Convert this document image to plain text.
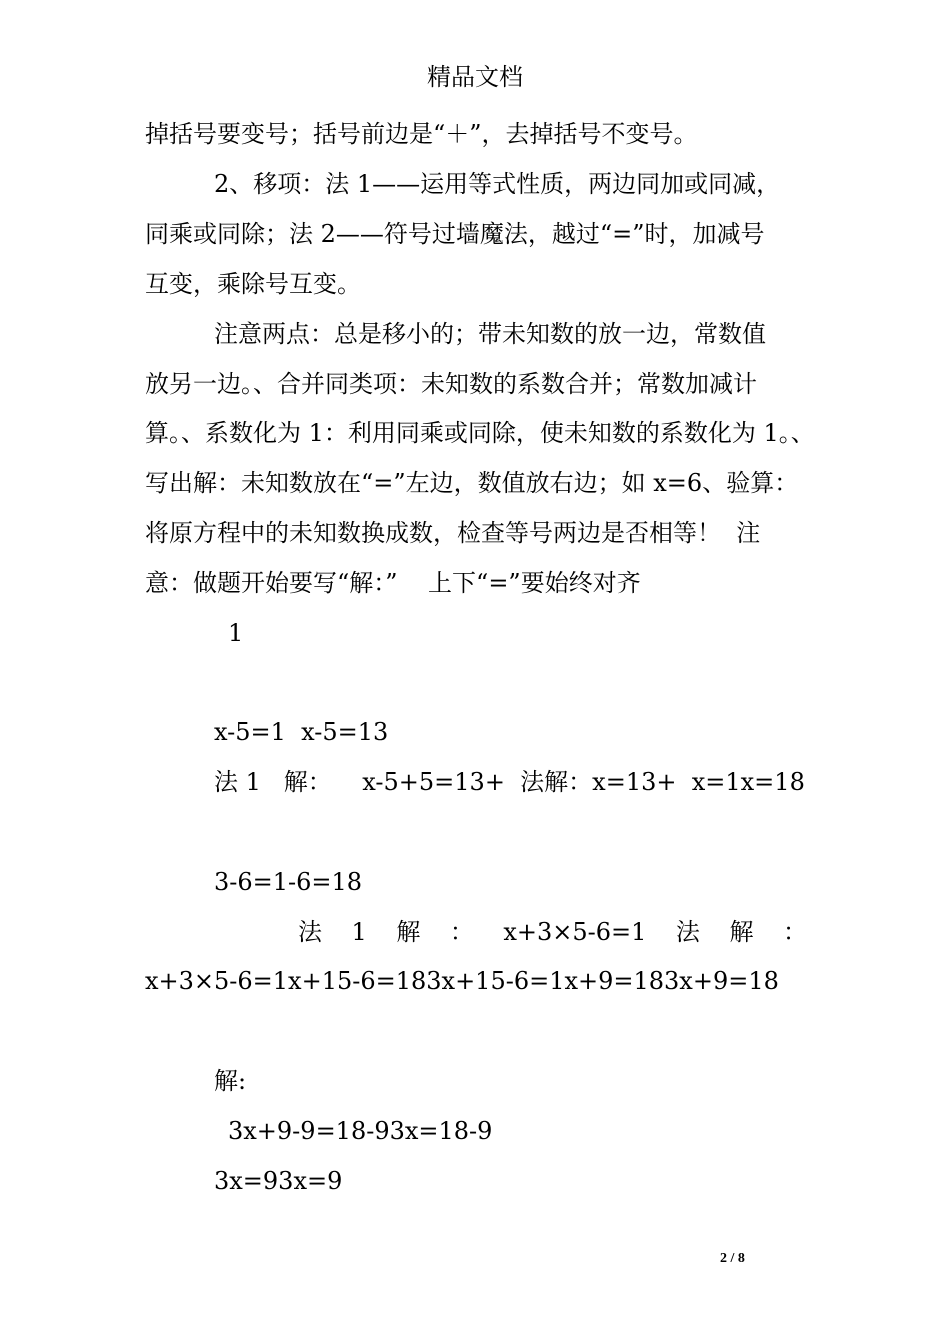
精品文档
掉括号要变号；括号前边是“＋”，去掉括号不变号。
2、移项：法 1——运用等式性质，两边同加或同减，
同乘或同除；法 2——符号过墙魔法，越过“=”时，加减号
互变，乘除号互变。
注意两点：总是移小的；带未知数的放一边，常数值
放另一边。、合并同类项：未知数的系数合并；常数加减计
算。、系数化为 1：利用同乘或同除，使未知数的系数化为 1。、
写出解：未知数放在“=”左边，数值放右边；如 x=6、验算：
将原方程中的未知数换成数，检查等号两边是否相等！  注
意：做题开始要写“解：”    上下“=”要始终对齐
1
x-5=1  x-5=13
法 1   解：    x-5+5=13+  法解：x=13+  x=1x=18
3-6=1-6=18
法 1 解 ： x+3×5-6=1 法 解 ：
x+3×5-6=1x+15-6=183x+15-6=1x+9=183x+9=18
解:
3x+9-9=18-93x=18-9
3x=93x=9
2 / 8
